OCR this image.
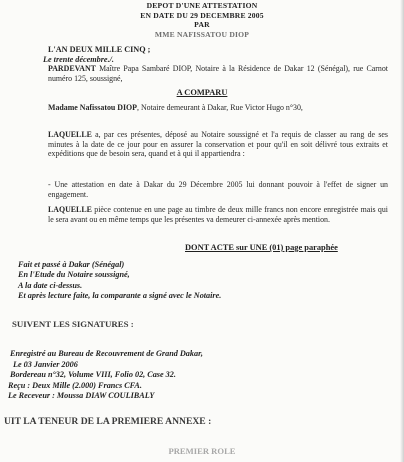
DEPOT D'UNE ATTESTATION
EN DATE DU 29 DECEMBRE 2005
PAR
MME NAFISSATOU DIOP
L'AN DEUX MILLE CINQ ;
Le trente décembre./.
PARDEVANT Maître Papa Sambaré DIOP, Notaire à la Résidence de Dakar 12 (Sénégal), rue Carnot numéro 125, soussigné,
A COMPARU
Madame Nafissatou DIOP, Notaire demeurant à Dakar, Rue Victor Hugo n°30,
LAQUELLE a, par ces présentes, déposé au Notaire soussigné et l'a requis de classer au rang de ses minutes à la date de ce jour pour en assurer la conservation et pour qu'il en soit délivré tous extraits et expéditions que de besoin sera, quand et à qui il appartiendra :
- Une attestation en date à Dakar du 29 Décembre 2005 lui donnant pouvoir à l'effet de signer un engagement.
LAQUELLE pièce contenue en une page au timbre de deux mille francs non encore enregistrée mais qui le sera avant ou en même temps que les présentes va demeurer ci-annexée après mention.
DONT ACTE sur UNE (01) page paraphée
Fait et passé à Dakar (Sénégal)
En l'Etude du Notaire soussigné,
A la date ci-dessus.
Et après lecture faite, la comparante a signé avec le Notaire.
SUIVENT LES SIGNATURES :
Enregistré au Bureau de Recouvrement de Grand Dakar,
Le 03 Janvier 2006
Bordereau n°32, Volume VIII, Folio 02, Case 32.
Reçu : Deux Mille (2.000) Francs CFA.
Le Receveur : Moussa DIAW COULIBALY
UIT LA TENEUR DE LA PREMIERE ANNEXE :
PREMIER ROLE
